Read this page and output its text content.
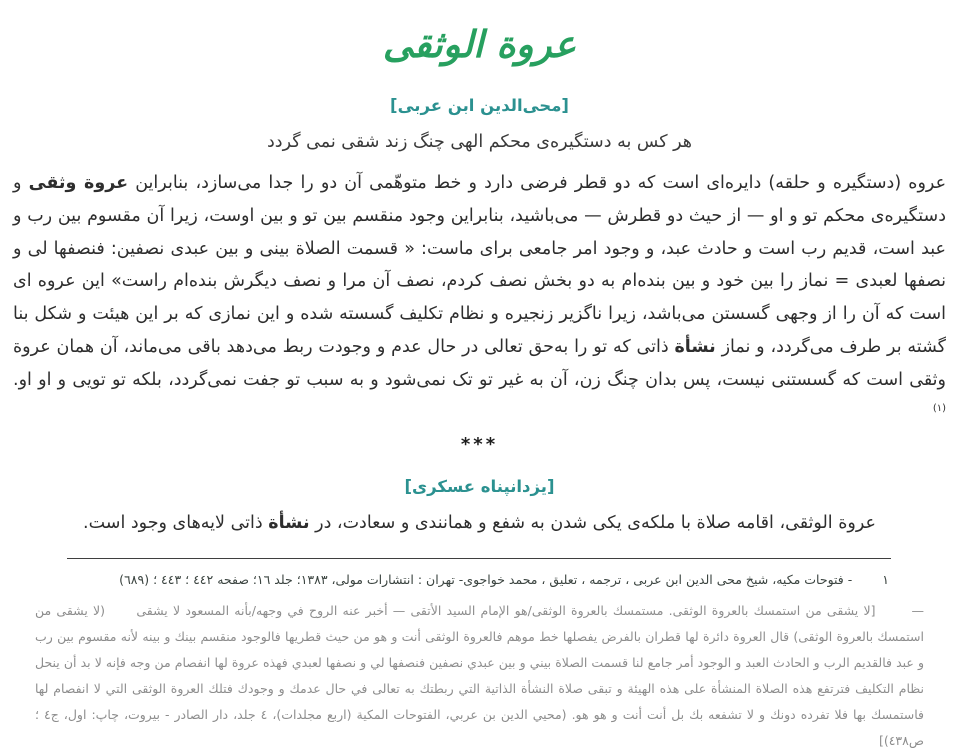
عروة الوثقی
[محی‌الدین ابن عربی]
هر کس به دستگیره‌ی محکم الهی چنگ زند شقی نمی گردد
عروه (دستگیره و حلقه) دایره‌ای است که دو قطر فرضی دارد و خط متوهّمی آن دو را جدا می‌سازد، بنابراین عروة وثقی و دستگیره‌ی محکم تو و او — از حیث دو قطرش — می‌باشید، بنابراین وجود منقسم بین تو و بین اوست، زیرا آن مقسوم بین رب و عبد است، قدیم رب است و حادث عبد، و وجود امر جامعی برای ماست: « قسمت الصلاة بینی و بین عبدی نصفین: فنصفها لی و نصفها لعبدی = نماز را بین خود و بین بنده‌ام به دو بخش نصف کردم، نصف آن مرا و نصف دیگرش بنده‌ام راست» این عروه ای است که آن را از وجهی گسستن می‌باشد، زیرا ناگزیر زنجیره و نظام تکلیف گسسته شده و این نمازی که بر این هیئت و شکل بنا گشته بر طرف می‌گردد، و نماز نشأة ذاتی که تو را به‌حق تعالی در حال عدم و وجودت ربط می‌دهد باقی می‌ماند، آن همان عروة وثقی است که گسستنی نیست، پس بدان چنگ زن، آن به غیر تو تک نمی‌شود و به سبب تو جفت نمی‌گردد، بلکه تو تویی و او او. $^{(١)}$
***
[یزدانپناه عسکری]
عروة الوثقی، اقامه صلاة با ملکه‌ی یکی شدن به شفع و همانندی و سعادت، در نشأة ذاتی لایه‌های وجود است.
١- فتوحات مکیه، شیخ محی الدین ابن عربی ، ترجمه ، تعلیق ، محمد خواجوی- تهران : انتشارات مولی، ١٣٨٣؛ جلد ١٦؛ صفحه ٤٤٢ ؛ ٤٤٣ ؛ (٦٨٩)
—[لا يشقى من استمسك بالعروة الوثقى. مستمسك بالعروة الوثقى/هو الإمام السيد الأتقى — أخبر عنه الروح في وجهه/بأنه المسعود لا يشقى      (لا يشقى من استمسك بالعروة الوثقى) قال العروة دائرة لها قطران بالفرض يفصلها خط موهم فالعروة الوثقى أنت و هو من حيث قطريها فالوجود منقسم بينك و بينه لأنه مقسوم بين رب و عبد فالقديم الرب و الحادث العبد و الوجود أمر جامع لنا قسمت الصلاة بيني و بين عبدي نصفين فنصفها لي و نصفها لعبدي فهذه عروة لها انفصام من وجه فإنه لا بد أن ينحل نظام التكليف فترتفع هذه الصلاة المنشأة على هذه الهيئة و تبقى صلاة النشأة الذاتية التي ربطتك به تعالى في حال عدمك و وجودك فتلك العروة الوثقى التي لا انفصام لها فاستمسك بها فلا تفرده دونك و لا تشفعه بك بل أنت أنت و هو هو. (محيي الدين بن عربي، الفتوحات المكية (اربع مجلدات)، ٤ جلد، دار الصادر - بيروت، چاپ: اول، ج٤ ؛ ص٤٣٨)]
